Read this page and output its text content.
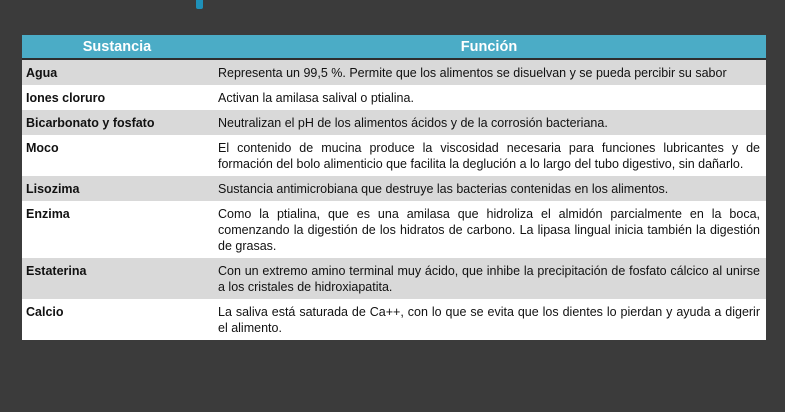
Sustancia	Función
Agua	Representa un 99,5 %. Permite que los alimentos se disuelvan y se pueda percibir su sabor
Iones cloruro	Activan la amilasa salival o ptialina.
Bicarbonato y fosfato	Neutralizan el pH de los alimentos ácidos y de la corrosión bacteriana.
Moco	El contenido de mucina produce la viscosidad necesaria para funciones lubricantes y de formación del bolo alimenticio que facilita la deglución a lo largo del tubo digestivo, sin dañarlo.
Lisozima	Sustancia antimicrobiana que destruye las bacterias contenidas en los alimentos.
Enzima	Como la ptialina, que es una amilasa que hidroliza el almidón parcialmente en la boca, comenzando la digestión de los hidratos de carbono. La lipasa lingual inicia también la digestión de grasas.
Estaterina	Con un extremo amino terminal muy ácido, que inhibe la precipitación de fosfato cálcico al unirse a los cristales de hidroxiapatita.
Calcio	La saliva está saturada de Ca++, con lo que se evita que los dientes lo pierdan y ayuda a digerir el alimento.
